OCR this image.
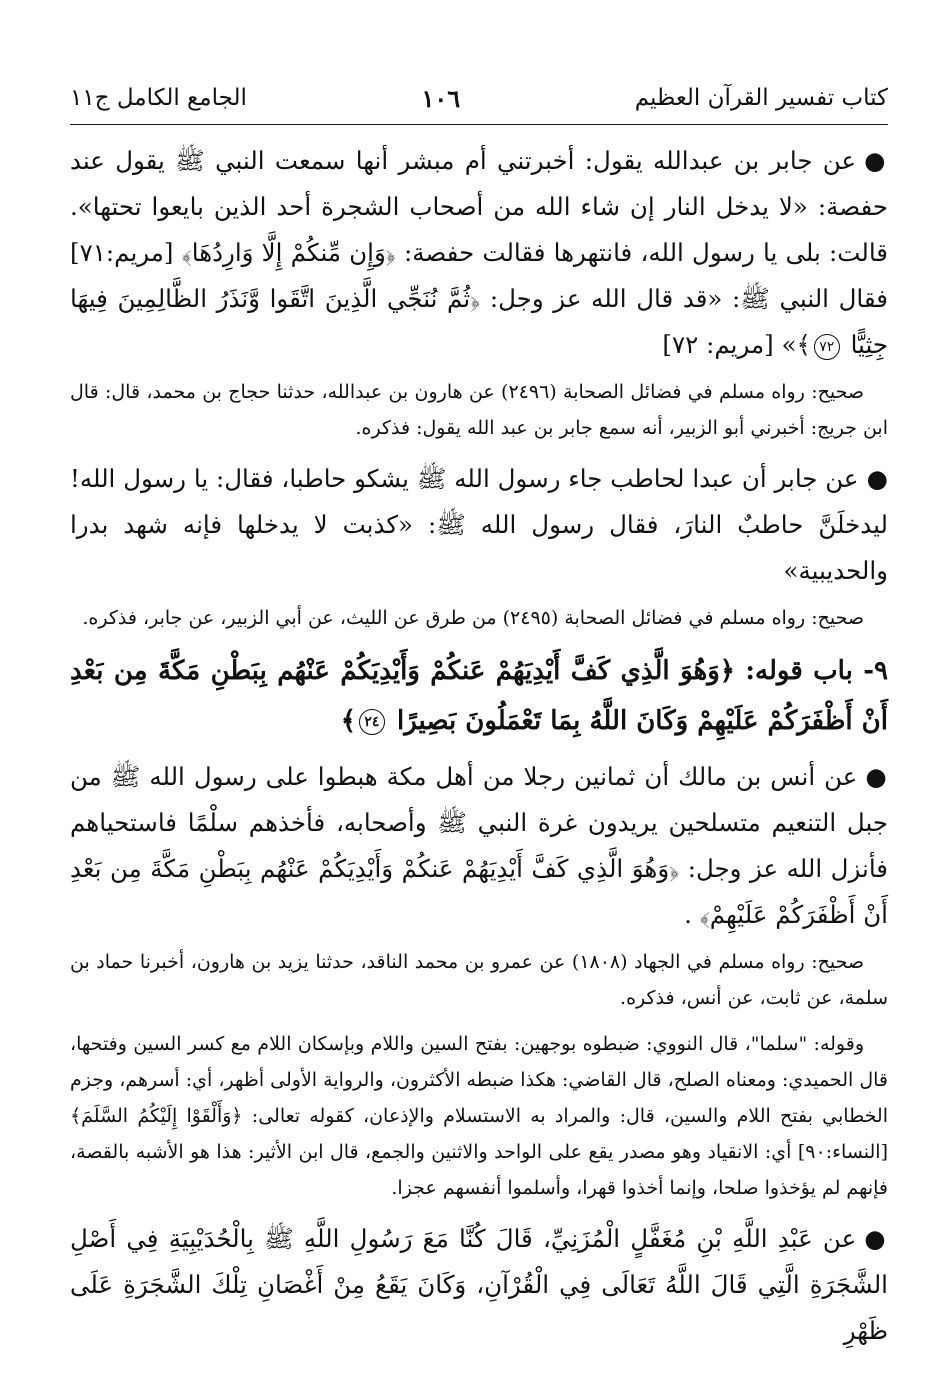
كتاب تفسير القرآن العظيم
١٠٦
الجامع الكامل ج١١

●عن جابر بن عبدالله يقول: أخبرتني أم مبشر أنها سمعت النبي ﷺ يقول عند حفصة: «لا يدخل النار إن شاء الله من أصحاب الشجرة أحد الذين بايعوا تحتها». قالت: بلى يا رسول الله، فانتهرها فقالت حفصة: ﴿وَإِن مِّنكُمْ إِلَّا وَارِدُهَا﴾ [مريم:٧١] فقال النبي ﷺ: «قد قال الله عز وجل: ﴿ثُمَّ نُنَجِّي الَّذِينَ اتَّقَوا وَّنَذَرُ الظَّالِمِينَ فِيهَا جِثِيًّا ٧٢﴾» [مريم: ٧٢]

صحيح: رواه مسلم في فضائل الصحابة (٢٤٩٦) عن هارون بن عبدالله، حدثنا حجاج بن محمد، قال: قال ابن جريج: أخبرني أبو الزبير، أنه سمع جابر بن عبد الله يقول: فذكره.

●عن جابر أن عبدا لحاطب جاء رسول الله ﷺ يشكو حاطبا، فقال: يا رسول الله! ليدخلَنَّ حاطبٌ النارَ، فقال رسول الله ﷺ: «كذبت لا يدخلها فإنه شهد بدرا والحديبية»

صحيح: رواه مسلم في فضائل الصحابة (٢٤٩٥) من طرق عن الليث، عن أبي الزبير، عن جابر، فذكره.

٩- باب قوله: ﴿وَهُوَ الَّذِي كَفَّ أَيْدِيَهُمْ عَنكُمْ وَأَيْدِيَكُمْ عَنْهُم بِبَطْنِ مَكَّةَ مِن بَعْدِ أَنْ أَظْفَرَكُمْ عَلَيْهِمْ وَكَانَ اللَّهُ بِمَا تَعْمَلُونَ بَصِيرًا ٢٤﴾

●عن أنس بن مالك أن ثمانين رجلا من أهل مكة هبطوا على رسول الله ﷺ من جبل التنعيم متسلحين يريدون غرة النبي ﷺ وأصحابه، فأخذهم سلْمًا فاستحياهم فأنزل الله عز وجل: ﴿وَهُوَ الَّذِي كَفَّ أَيْدِيَهُمْ عَنكُمْ وَأَيْدِيَكُمْ عَنْهُم بِبَطْنِ مَكَّةَ مِن بَعْدِ أَنْ أَظْفَرَكُمْ عَلَيْهِمْ﴾ .

صحيح: رواه مسلم في الجهاد (١٨٠٨) عن عمرو بن محمد الناقد، حدثنا يزيد بن هارون، أخبرنا حماد بن سلمة، عن ثابت، عن أنس، فذكره.

وقوله: "سلما"، قال النووي: ضبطوه بوجهين: بفتح السين واللام وبإسكان اللام مع كسر السين وفتحها، قال الحميدي: ومعناه الصلح، قال القاضي: هكذا ضبطه الأكثرون، والرواية الأولى أظهر، أي: أسرهم، وجزم الخطابي بفتح اللام والسين، قال: والمراد به الاستسلام والإذعان، كقوله تعالى: ﴿وَأَلْقَوْا إِلَيْكُمُ السَّلَمَ﴾ [النساء:٩٠] أي: الانقياد وهو مصدر يقع على الواحد والاثنين والجمع، قال ابن الأثير: هذا هو الأشبه بالقصة، فإنهم لم يؤخذوا صلحا، وإنما أخذوا قهرا، وأسلموا أنفسهم عجزا.

●عن عَبْدِ اللَّهِ بْنِ مُغَفَّلٍ الْمُزَنِيِّ، قَالَ كُنَّا مَعَ رَسُولِ اللَّهِ ﷺ بِالْحُدَيْبِيَةِ فِي أَصْلِ الشَّجَرَةِ الَّتِي قَالَ اللَّهُ تَعَالَى فِي الْقُرْآنِ، وَكَانَ يَقَعُ مِنْ أَغْصَانِ تِلْكَ الشَّجَرَةِ عَلَى ظَهْرِ
